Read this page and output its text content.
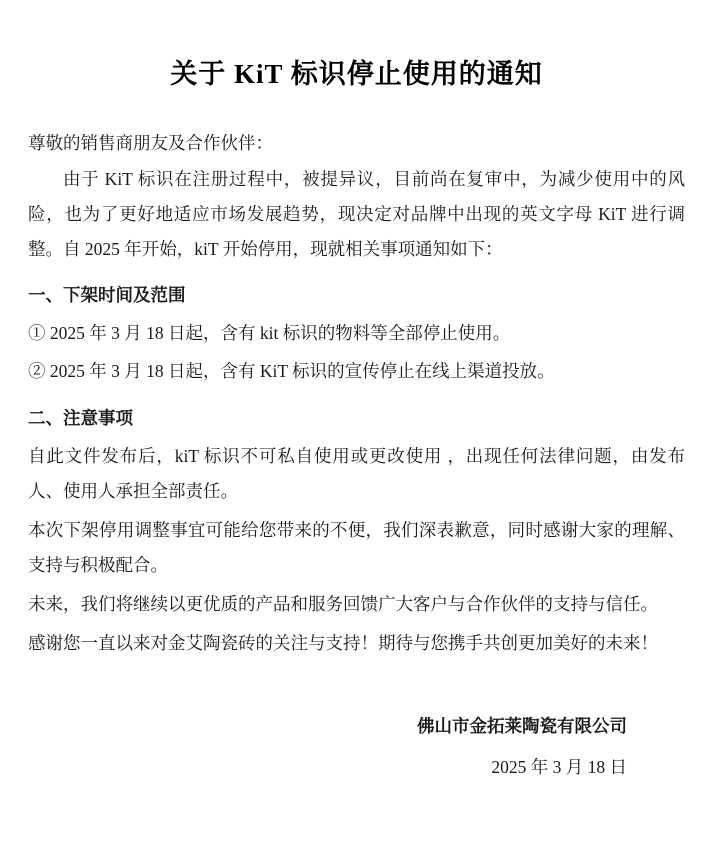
关于 KiT 标识停止使用的通知
尊敬的销售商朋友及合作伙伴：

由于 KiT 标识在注册过程中，被提异议，目前尚在复审中，为减少使用中的风险，也为了更好地适应市场发展趋势，现决定对品牌中出现的英文字母 KiT 进行调整。自 2025 年开始，kiT 开始停用，现就相关事项通知如下：

一、下架时间及范围
① 2025 年 3 月 18 日起，含有 kit 标识的物料等全部停止使用。
② 2025 年 3 月 18 日起，含有 KiT 标识的宣传停止在线上渠道投放。
二、注意事项

自此文件发布后，kiT 标识不可私自使用或更改使用 ，出现任何法律问题，由发布人、使用人承担全部责任。

本次下架停用调整事宜可能给您带来的不便，我们深表歉意，同时感谢大家的理解、支持与积极配合。

未来，我们将继续以更优质的产品和服务回馈广大客户与合作伙伴的支持与信任。

感谢您一直以来对金艾陶瓷砖的关注与支持！期待与您携手共创更加美好的未来！

佛山市金拓莱陶瓷有限公司
2025 年 3 月 18 日
